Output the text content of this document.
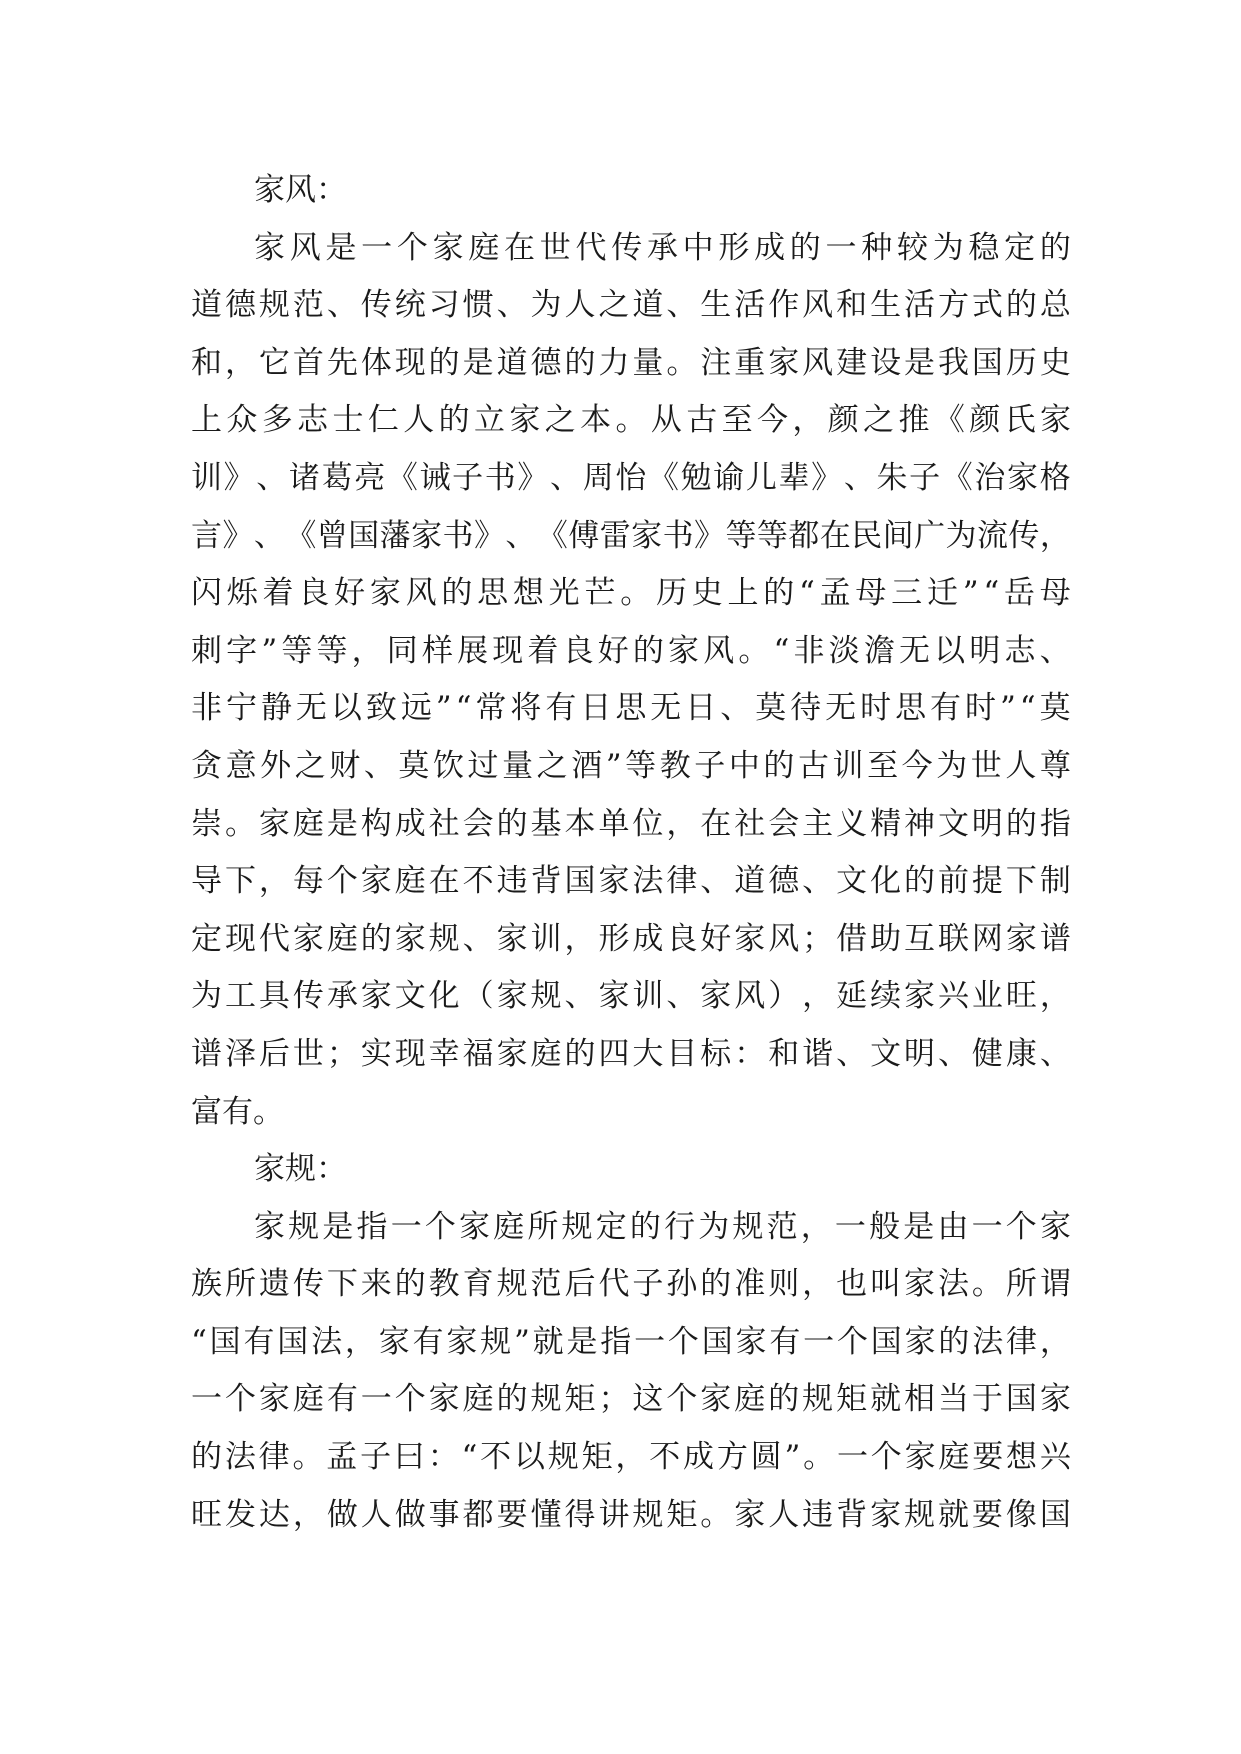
家风：
家 风 是 一 个 家 庭 在 世 代 传 承 中 形 成 的 一 种 较 为 稳 定 的
道 德 规 范 、 传 统 习 惯 、 为 人 之 道 、 生 活 作 风 和 生 活 方 式 的 总
和 ， 它 首 先 体 现 的 是 道 德 的 力 量 。 注 重 家 风 建 设 是 我 国 历 史
上 众 多 志 士 仁 人 的 立 家 之 本 。 从 古 至 今 ， 颜 之 推 《 颜 氏 家
训 》 、 诸 葛 亮 《 诫 子 书 》 、 周 怡 《 勉 谕 儿 辈 》 、 朱 子 《 治 家 格
言 》 、 《 曾 国 藩 家 书 》 、 《 傅 雷 家 书 》 等 等 都 在 民 间 广 为 流 传 ，
闪 烁 着 良 好 家 风 的 思 想 光 芒 。 历 史 上 的 “ 孟 母 三 迁 ” “ 岳 母
刺 字 ” 等 等 ， 同 样 展 现 着 良 好 的 家 风 。 “ 非 淡 澹 无 以 明 志 、
非 宁 静 无 以 致 远 ” “ 常 将 有 日 思 无 日 、 莫 待 无 时 思 有 时 ” “ 莫
贪 意 外 之 财 、 莫 饮 过 量 之 酒 ” 等 教 子 中 的 古 训 至 今 为 世 人 尊
崇 。 家 庭 是 构 成 社 会 的 基 本 单 位 ， 在 社 会 主 义 精 神 文 明 的 指
导 下 ， 每 个 家 庭 在 不 违 背 国 家 法 律 、 道 德 、 文 化 的 前 提 下 制
定 现 代 家 庭 的 家 规 、 家 训 ， 形 成 良 好 家 风 ； 借 助 互 联 网 家 谱
为 工 具 传 承 家 文 化 （ 家 规 、 家 训 、 家 风 ） ， 延 续 家 兴 业 旺 ，
谱 泽 后 世 ； 实 现 幸 福 家 庭 的 四 大 目 标 ： 和 谐 、 文 明 、 健 康 、
富有。
家规：
家 规 是 指 一 个 家 庭 所 规 定 的 行 为 规 范 ， 一 般 是 由 一 个 家
族 所 遗 传 下 来 的 教 育 规 范 后 代 子 孙 的 准 则 ， 也 叫 家 法 。 所 谓
“ 国 有 国 法 ， 家 有 家 规 ” 就 是 指 一 个 国 家 有 一 个 国 家 的 法 律 ，
一 个 家 庭 有 一 个 家 庭 的 规 矩 ； 这 个 家 庭 的 规 矩 就 相 当 于 国 家
的 法 律 。 孟 子 曰 ： “ 不 以 规 矩 ， 不 成 方 圆 ” 。 一 个 家 庭 要 想 兴
旺 发 达 ， 做 人 做 事 都 要 懂 得 讲 规 矩 。 家 人 违 背 家 规 就 要 像 国
